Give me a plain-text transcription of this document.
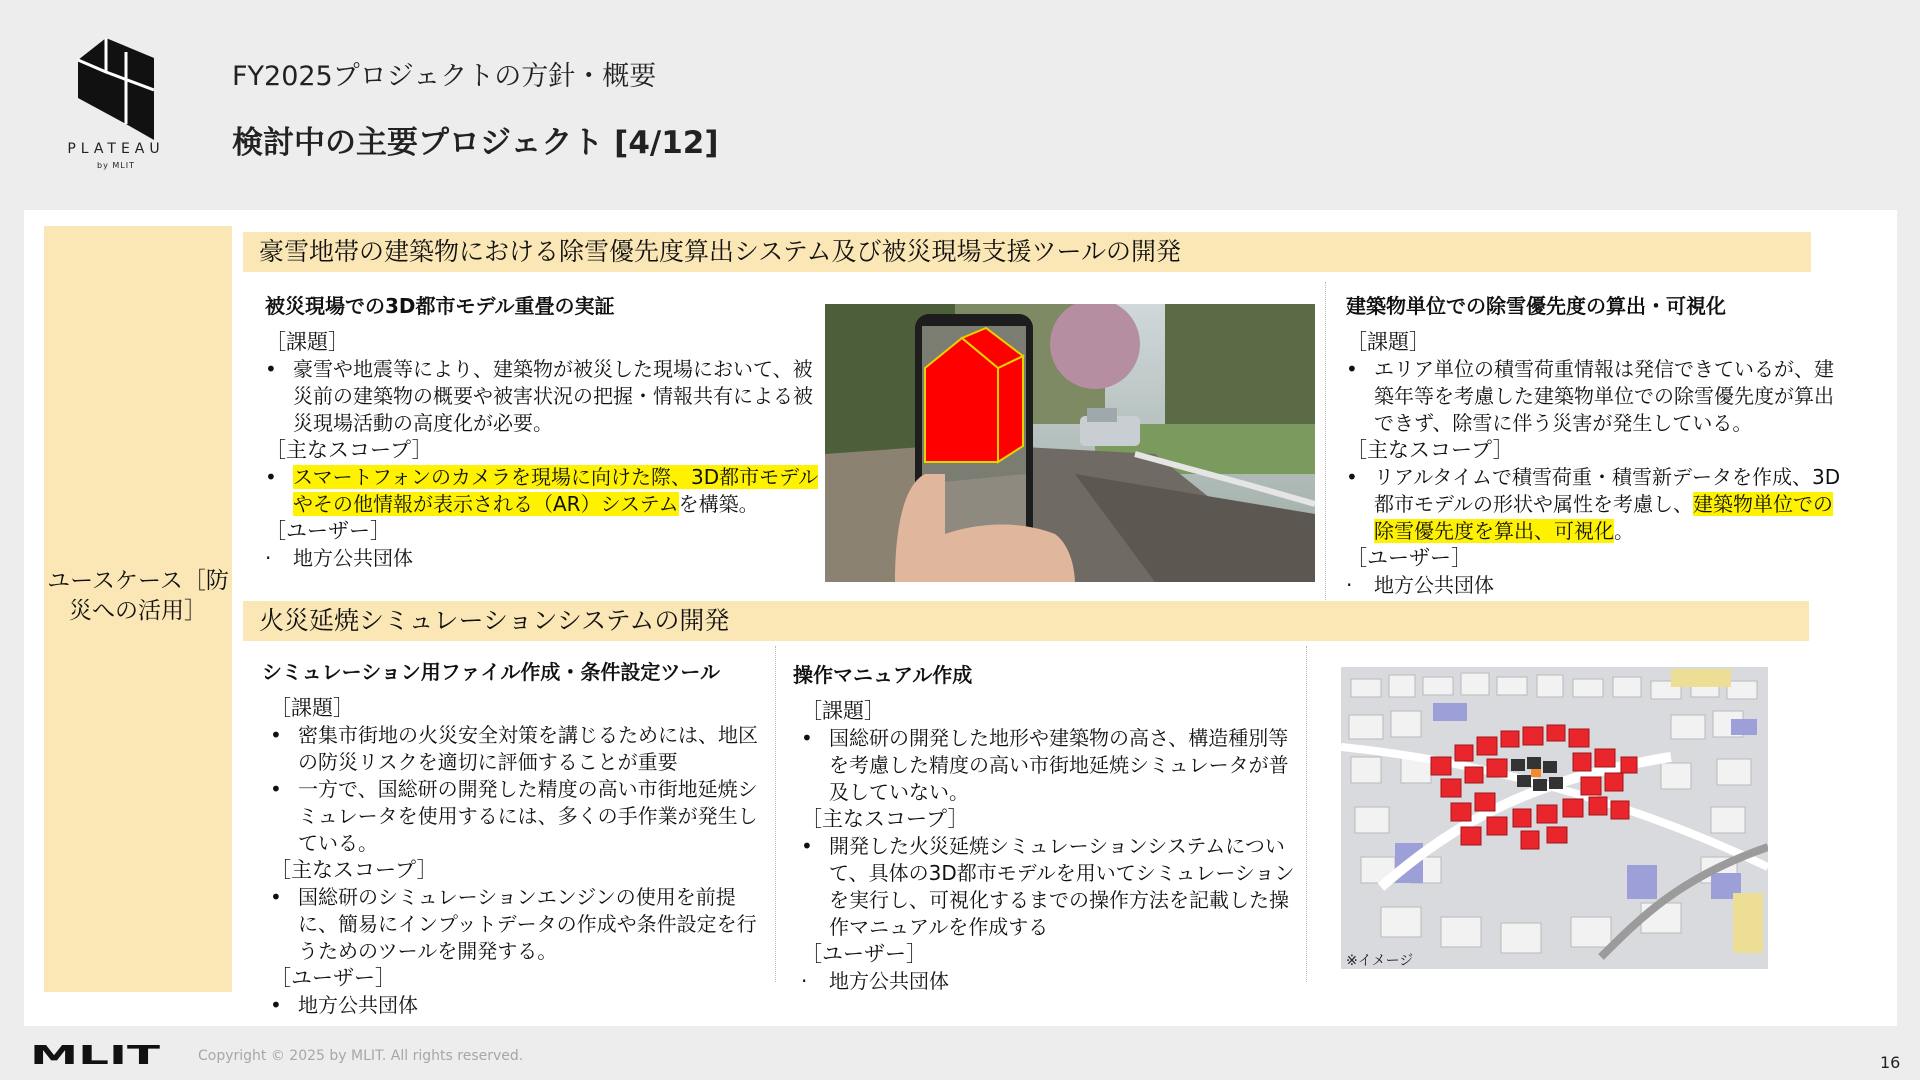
PLATEAU
by MLIT
FY2025プロジェクトの方針・概要
検討中の主要プロジェクト [4/12]
ユースケース［防災への活用］
豪雪地帯の建築物における除雪優先度算出システム及び被災現場支援ツールの開発
被災現場での3D都市モデル重畳の実証

［課題］

• 豪雪や地震等により、建築物が被災した現場において、被災前の建築物の概要や被害状況の把握・情報共有による被災現場活動の高度化が必要。

［主なスコープ］

• スマートフォンのカメラを現場に向けた際、3D都市モデルやその他情報が表示される（AR）システムを構築。

［ユーザー］

·	地方公共団体

建築物単位での除雪優先度の算出・可視化

［課題］

• エリア単位の積雪荷重情報は発信できているが、建築年等を考慮した建築物単位での除雪優先度が算出できず、除雪に伴う災害が発生している。

［主なスコープ］

• リアルタイムで積雪荷重・積雪新データを作成、3D都市モデルの形状や属性を考慮し、建築物単位での除雪優先度を算出、可視化。

［ユーザー］

·	地方公共団体

火災延焼シミュレーションシステムの開発
シミュレーション用ファイル作成・条件設定ツール

［課題］

• 密集市街地の火災安全対策を講じるためには、地区の防災リスクを適切に評価することが重要

• 一方で、国総研の開発した精度の高い市街地延焼シミュレータを使用するには、多くの手作業が発生している。

［主なスコープ］

• 国総研のシミュレーションエンジンの使用を前提に、簡易にインプットデータの作成や条件設定を行うためのツールを開発する。

［ユーザー］

• 地方公共団体

操作マニュアル作成

［課題］

• 国総研の開発した地形や建築物の高さ、構造種別等を考慮した精度の高い市街地延焼シミュレータが普及していない。

［主なスコープ］

• 開発した火災延焼シミュレーションシステムについて、具体の3D都市モデルを用いてシミュレーションを実行し、可視化するまでの操作方法を記載した操作マニュアルを作成する

［ユーザー］

·	地方公共団体

※イメージ
MLIT	Copyright © 2025 by MLIT. All rights reserved.	16
